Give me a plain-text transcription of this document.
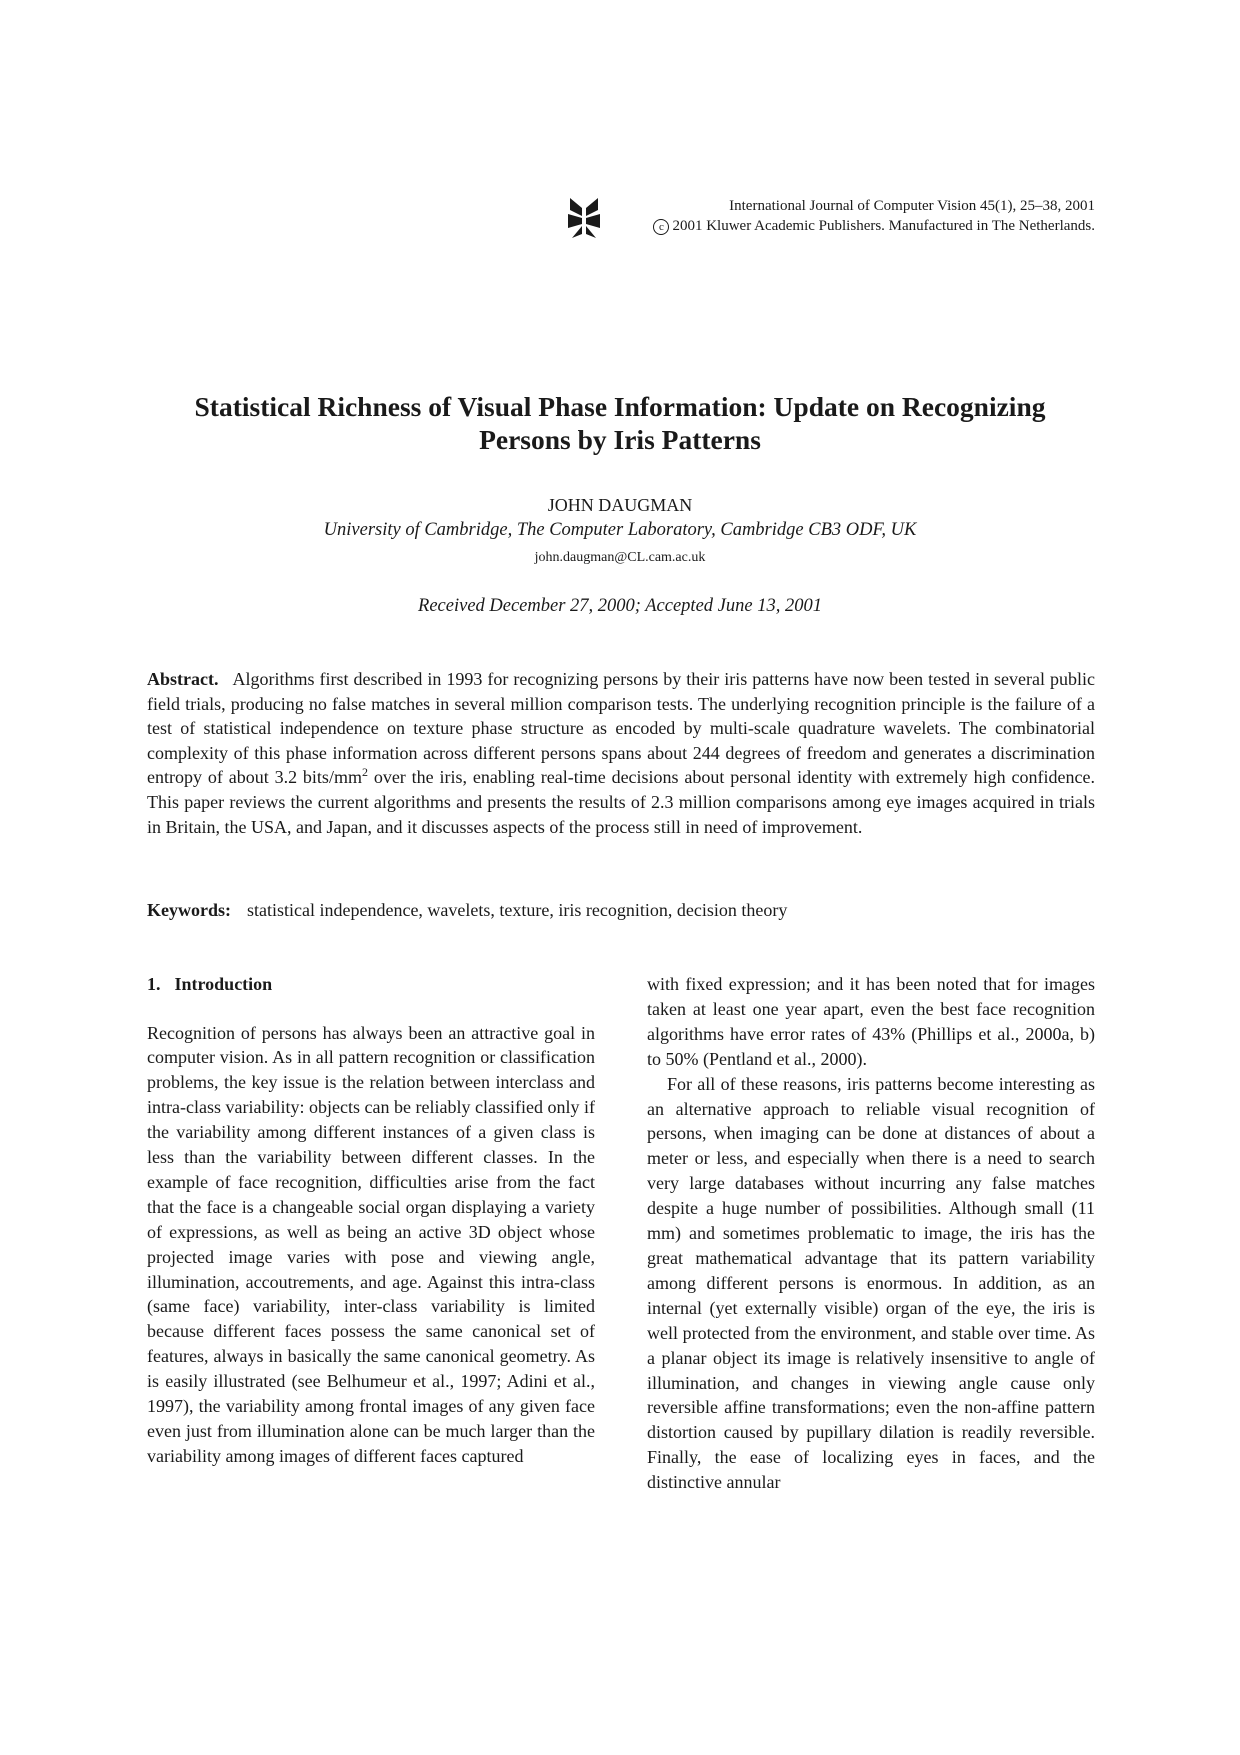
International Journal of Computer Vision 45(1), 25–38, 2001
c 2001 Kluwer Academic Publishers. Manufactured in The Netherlands.
Statistical Richness of Visual Phase Information: Update on Recognizing
Persons by Iris Patterns
JOHN DAUGMAN
University of Cambridge, The Computer Laboratory, Cambridge CB3 ODF, UK
john.daugman@CL.cam.ac.uk
Received December 27, 2000; Accepted June 13, 2001

Abstract. Algorithms first described in 1993 for recognizing persons by their iris patterns have now been tested in several public field trials, producing no false matches in several million comparison tests. The underlying recognition principle is the failure of a test of statistical independence on texture phase structure as encoded by multi-scale quadrature wavelets. The combinatorial complexity of this phase information across different persons spans about 244 degrees of freedom and generates a discrimination entropy of about 3.2 bits/$mm^2$ over the iris, enabling real-time decisions about personal identity with extremely high confidence. This paper reviews the current algorithms and presents the results of 2.3 million comparisons among eye images acquired in trials in Britain, the USA, and Japan, and it discusses aspects of the process still in need of improvement.

Keywords: statistical independence, wavelets, texture, iris recognition, decision theory
1. Introduction

Recognition of persons has always been an attractive goal in computer vision. As in all pattern recognition or classification problems, the key issue is the relation between interclass and intra-class variability: objects can be reliably classified only if the variability among different instances of a given class is less than the variability between different classes. In the example of face recognition, difficulties arise from the fact that the face is a changeable social organ displaying a variety of expressions, as well as being an active 3D object whose projected image varies with pose and viewing angle, illumination, accoutrements, and age. Against this intra-class (same face) variability, inter-class variability is limited because different faces possess the same canonical set of features, always in basically the same canonical geometry. As is easily illustrated (see Belhumeur et al., 1997; Adini et al., 1997), the variability among frontal images of any given face even just from illumination alone can be much larger than the variability among images of different faces captured

with fixed expression; and it has been noted that for images taken at least one year apart, even the best face recognition algorithms have error rates of 43% (Phillips et al., 2000a, b) to 50% (Pentland et al., 2000).

For all of these reasons, iris patterns become interesting as an alternative approach to reliable visual recognition of persons, when imaging can be done at distances of about a meter or less, and especially when there is a need to search very large databases without incurring any false matches despite a huge number of possibilities. Although small (11 mm) and sometimes problematic to image, the iris has the great mathematical advantage that its pattern variability among different persons is enormous. In addition, as an internal (yet externally visible) organ of the eye, the iris is well protected from the environment, and stable over time. As a planar object its image is relatively insensitive to angle of illumination, and changes in viewing angle cause only reversible affine transformations; even the non-affine pattern distortion caused by pupillary dilation is readily reversible. Finally, the ease of localizing eyes in faces, and the distinctive annular
